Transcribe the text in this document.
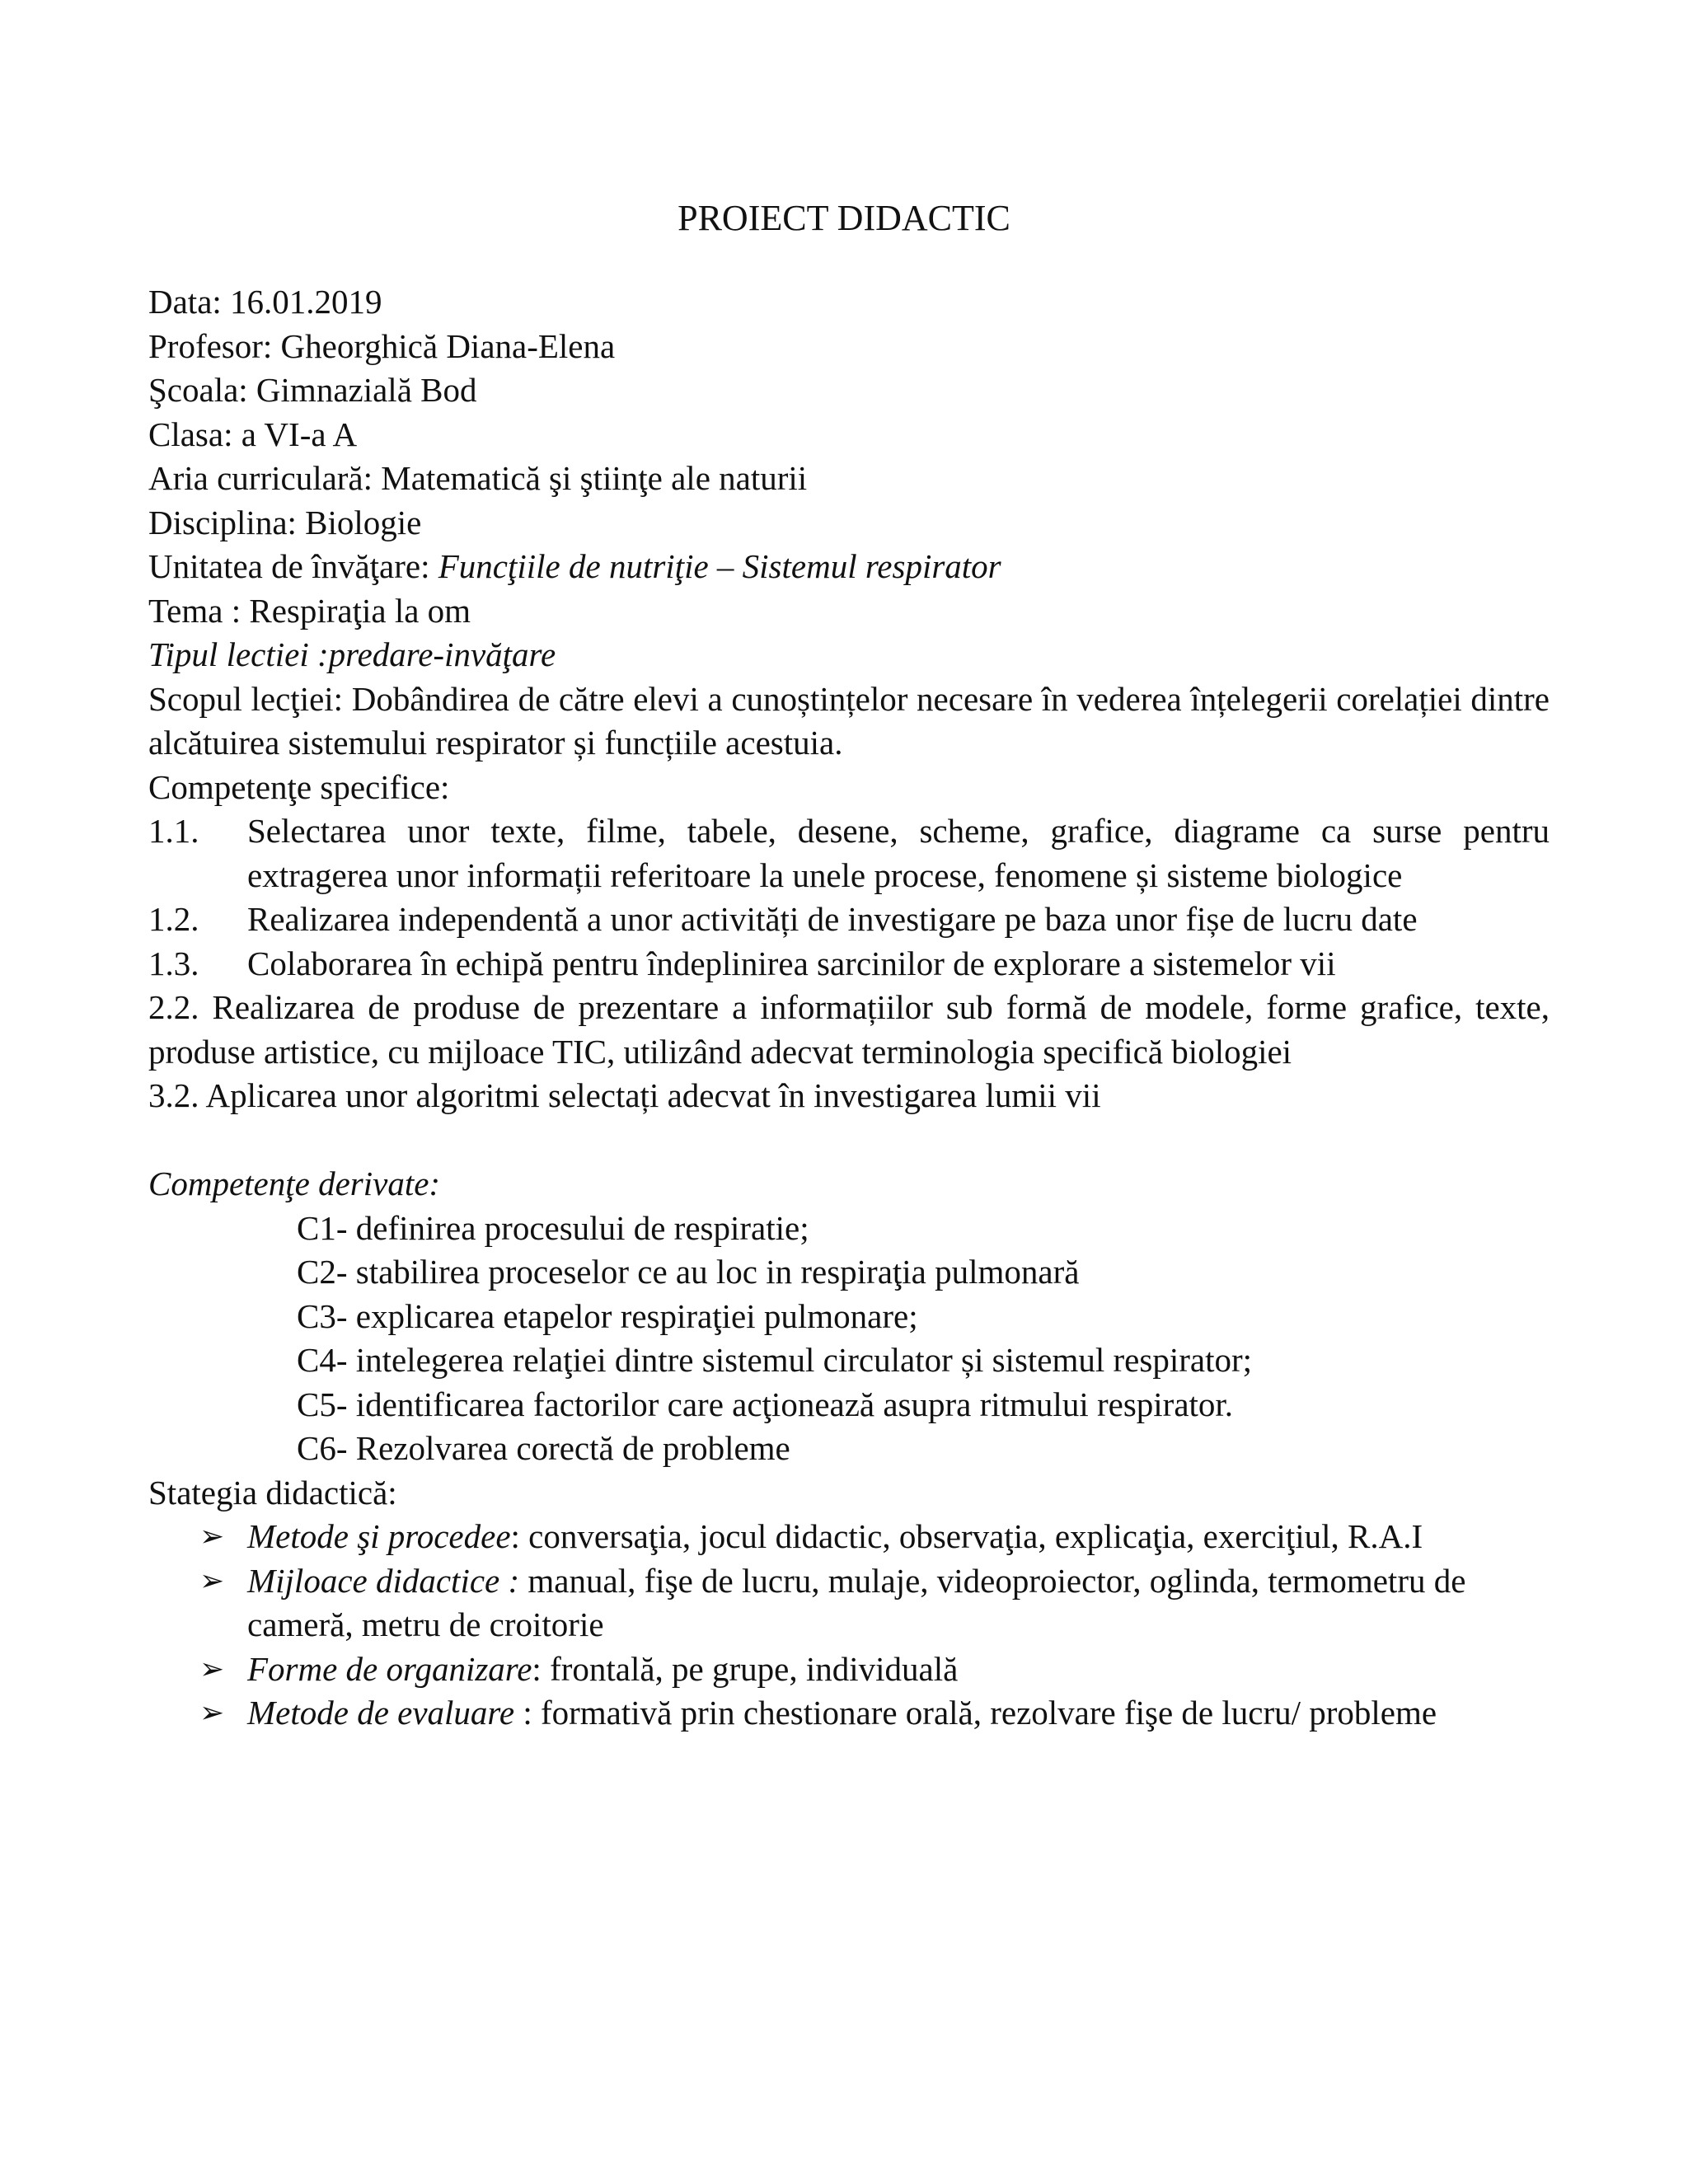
PROIECT DIDACTIC

Data: 16.01.2019

Profesor: Gheorghică Diana-Elena

Şcoala: Gimnazială Bod

Clasa: a VI-a A

Aria curriculară: Matematică şi ştiinţe ale naturii

Disciplina: Biologie

Unitatea de învăţare: Funcţiile de nutriţie – Sistemul respirator

Tema : Respiraţia la om

Tipul lectiei :predare-invăţare

Scopul lecţiei: Dobândirea de către elevi a cunoștințelor necesare în vederea înțelegerii corelației dintre alcătuirea sistemului respirator și funcțiile acestuia.

Competenţe specifice:

1.1. Selectarea unor texte, filme, tabele, desene, scheme, grafice, diagrame ca surse pentru extragerea unor informații referitoare la unele procese, fenomene și sisteme biologice
1.2. Realizarea independentă a unor activități de investigare pe baza unor fișe de lucru date
1.3. Colaborarea în echipă pentru îndeplinirea sarcinilor de explorare a sistemelor vii

2.2. Realizarea de produse de prezentare a informațiilor sub formă de modele, forme grafice, texte, produse artistice, cu mijloace TIC, utilizând adecvat terminologia specifică biologiei

3.2. Aplicarea unor algoritmi selectați adecvat în investigarea lumii vii

Competenţe derivate:

C1- definirea procesului de respiratie;

C2- stabilirea proceselor ce au loc in respiraţia pulmonară

C3- explicarea etapelor respiraţiei pulmonare;

C4- intelegerea relaţiei dintre sistemul circulator și sistemul respirator;

C5- identificarea factorilor care acţionează asupra ritmului respirator.

C6- Rezolvarea corectă de probleme

Stategia didactică:

➢ Metode şi procedee: conversaţia, jocul didactic, observaţia, explicaţia, exerciţiul, R.A.I
➢ Mijloace didactice : manual, fişe de lucru, mulaje, videoproiector, oglinda, termometru de cameră, metru de croitorie
➢ Forme de organizare: frontală, pe grupe, individuală
➢ Metode de evaluare : formativă prin chestionare orală, rezolvare fişe de lucru/ probleme
